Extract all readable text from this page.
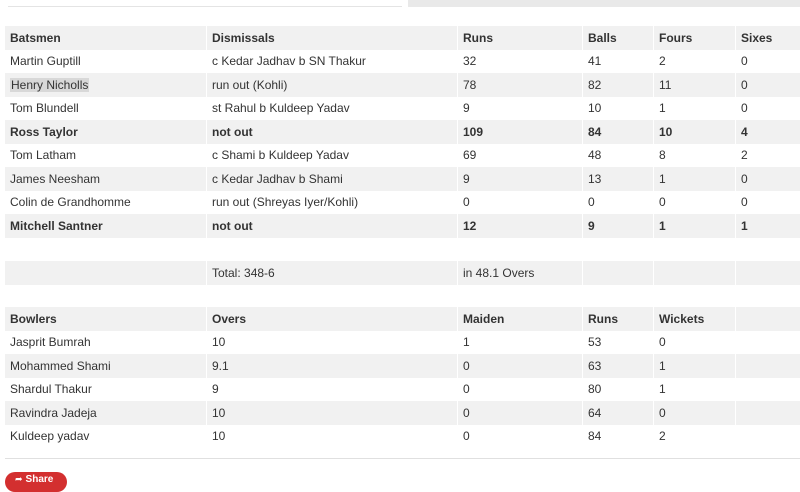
Batsmen	Dismissals	Runs	Balls	Fours	Sixes
Martin Guptill	c Kedar Jadhav b SN Thakur	32	41	2	0
Henry Nicholls	run out (Kohli)	78	82	11	0
Tom Blundell	st Rahul b Kuldeep Yadav	9	10	1	0
Ross Taylor	not out	109	84	10	4
Tom Latham	c Shami b Kuldeep Yadav	69	48	8	2
James Neesham	c Kedar Jadhav b Shami	9	13	1	0
Colin de Grandhomme	run out (Shreyas Iyer/Kohli)	0	0	0	0
Mitchell Santner	not out	12	9	1	1

	Total: 348-6	in 48.1 Overs			
Bowlers	Overs	Maiden	Runs	Wickets	
Jasprit Bumrah	10	1	53	0	
Mohammed Shami	9.1	0	63	1	
Shardul Thakur	9	0	80	1	
Ravindra Jadeja	10	0	64	0	
Kuldeep yadav	10	0	84	2	
➦ Share
